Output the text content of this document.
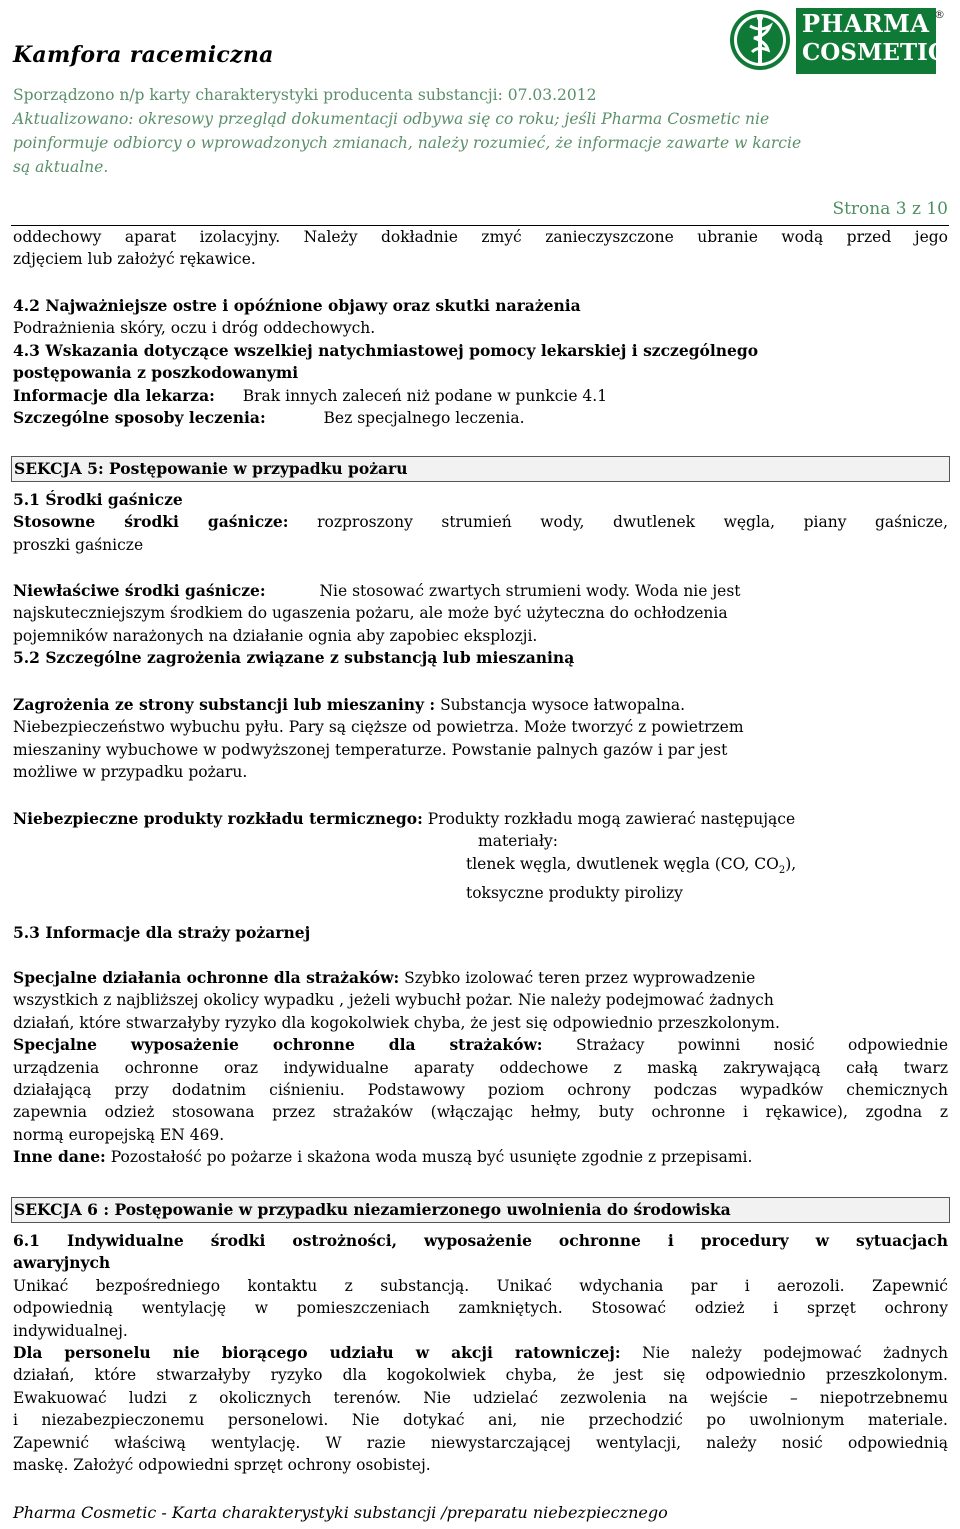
Kamfora racemiczna
PHARMA
COSMETIC
®
Sporządzono n/p karty charakterystyki producenta substancji: 07.03.2012
Aktualizowano: okresowy przegląd dokumentacji odbywa się co roku; jeśli Pharma Cosmetic nie
poinformuje odbiorcy o wprowadzonych zmianach, należy rozumieć, że informacje zawarte w karcie
są aktualne.
Strona 3 z 10
oddechowy aparat izolacyjny. Należy dokładnie zmyć zanieczyszczone ubranie wodą przed jego
zdjęciem lub założyć rękawice.
4.2 Najważniejsze ostre i opóźnione objawy oraz skutki narażenia
Podrażnienia skóry, oczu i dróg oddechowych.
4.3 Wskazania dotyczące wszelkiej natychmiastowej pomocy lekarskiej i szczególnego
postępowania z poszkodowanymi
Informacje dla lekarza: Brak innych zaleceń niż podane w punkcie 4.1
Szczególne sposoby leczenia:	Bez specjalnego leczenia.
SEKCJA 5: Postępowanie w przypadku pożaru
5.1 Środki gaśnicze
Stosowne środki gaśnicze: rozproszony strumień wody, dwutlenek węgla, piany gaśnicze,
proszki gaśnicze
Niewłaściwe środki gaśnicze:	Nie stosować zwartych strumieni wody. Woda nie jest
najskuteczniejszym środkiem do ugaszenia pożaru, ale może być użyteczna do ochłodzenia
pojemników narażonych na działanie ognia aby zapobiec eksplozji.
5.2 Szczególne zagrożenia związane z substancją lub mieszaniną
Zagrożenia ze strony substancji lub mieszaniny : Substancja wysoce łatwopalna.
Niebezpieczeństwo wybuchu pyłu. Pary są cięższe od powietrza. Może tworzyć z powietrzem
mieszaniny wybuchowe w podwyższonej temperaturze. Powstanie palnych gazów i par jest
możliwe w przypadku pożaru.
Niebezpieczne produkty rozkładu termicznego: Produkty rozkładu mogą zawierać następujące
materiały:
tlenek węgla, dwutlenek węgla (CO, $CO_2$),
toksyczne produkty pirolizy
5.3 Informacje dla straży pożarnej
Specjalne działania ochronne dla strażaków: Szybko izolować teren przez wyprowadzenie
wszystkich z najbliższej okolicy wypadku , jeżeli wybuchł pożar. Nie należy podejmować żadnych
działań, które stwarzałyby ryzyko dla kogokolwiek chyba, że jest się odpowiednio przeszkolonym.
Specjalne wyposażenie ochronne dla strażaków: Strażacy powinni nosić odpowiednie
urządzenia ochronne oraz indywidualne aparaty oddechowe z maską zakrywającą całą twarz
działającą przy dodatnim ciśnieniu. Podstawowy poziom ochrony podczas wypadków chemicznych
zapewnia odzież stosowana przez strażaków (włączając hełmy, buty ochronne i rękawice), zgodna z
normą europejską EN 469.
Inne dane: Pozostałość po pożarze i skażona woda muszą być usunięte zgodnie z przepisami.
SEKCJA 6 : Postępowanie w przypadku niezamierzonego uwolnienia do środowiska
6.1 Indywidualne środki ostrożności, wyposażenie ochronne i procedury w sytuacjach
awaryjnych
Unikać bezpośredniego kontaktu z substancją. Unikać wdychania par i aerozoli. Zapewnić
odpowiednią wentylację w pomieszczeniach zamkniętych. Stosować odzież i sprzęt ochrony
indywidualnej.
Dla personelu nie biorącego udziału w akcji ratowniczej: Nie należy podejmować żadnych
działań, które stwarzałyby ryzyko dla kogokolwiek chyba, że jest się odpowiednio przeszkolonym.
Ewakuować ludzi z okolicznych terenów. Nie udzielać zezwolenia na wejście – niepotrzebnemu
i niezabezpieczonemu personelowi. Nie dotykać ani, nie przechodzić po uwolnionym materiale.
Zapewnić właściwą wentylację. W razie niewystarczającej wentylacji, należy nosić odpowiednią
maskę. Założyć odpowiedni sprzęt ochrony osobistej.
Pharma Cosmetic - Karta charakterystyki substancji /preparatu niebezpiecznego
